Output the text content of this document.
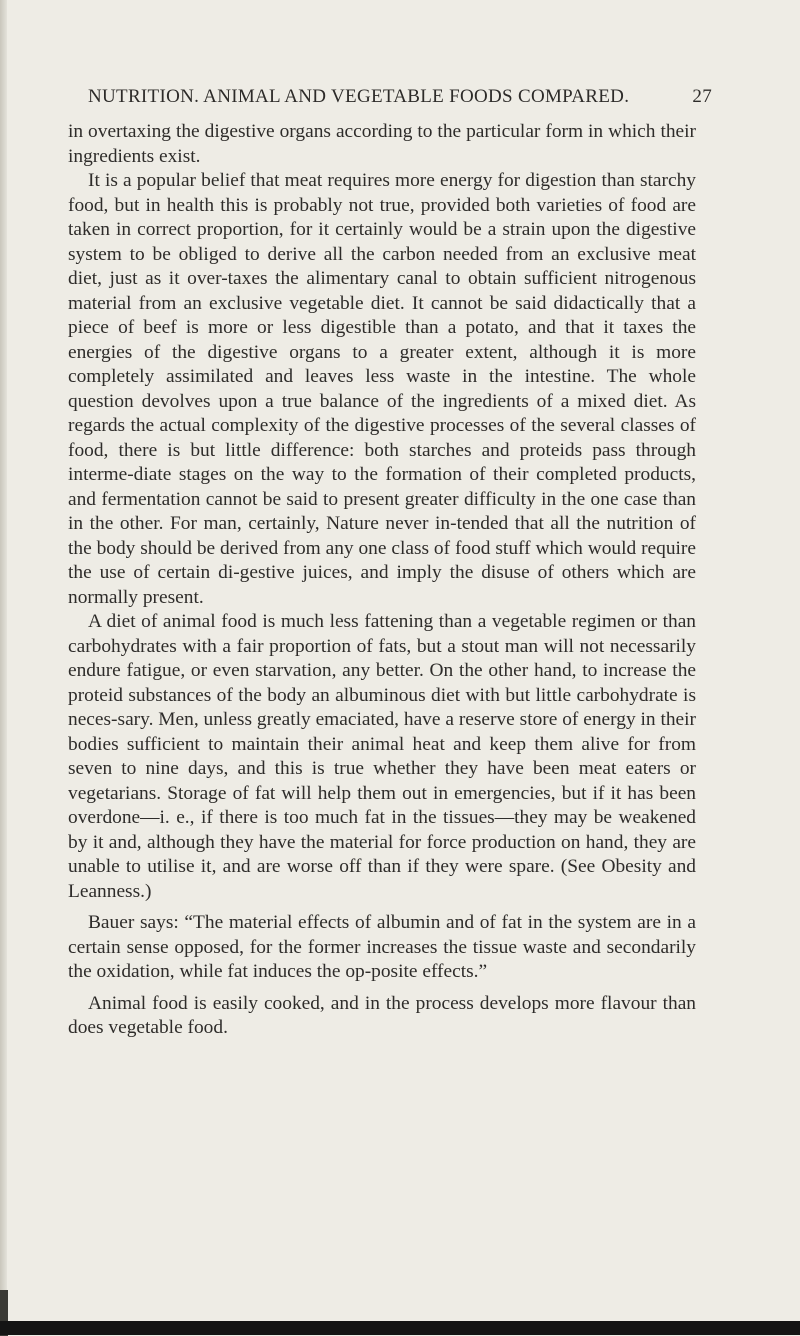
NUTRITION. ANIMAL AND VEGETABLE FOODS COMPARED.	27

in overtaxing the digestive organs according to the particular form in which their ingredients exist.

It is a popular belief that meat requires more energy for digestion than starchy food, but in health this is probably not true, provided both varieties of food are taken in correct proportion, for it certainly would be a strain upon the digestive system to be obliged to derive all the carbon needed from an exclusive meat diet, just as it over-taxes the alimentary canal to obtain sufficient nitrogenous material from an exclusive vegetable diet. It cannot be said didactically that a piece of beef is more or less digestible than a potato, and that it taxes the energies of the digestive organs to a greater extent, although it is more completely assimilated and leaves less waste in the intestine. The whole question devolves upon a true balance of the ingredients of a mixed diet. As regards the actual complexity of the digestive processes of the several classes of food, there is but little difference: both starches and proteids pass through interme-diate stages on the way to the formation of their completed products, and fermentation cannot be said to present greater difficulty in the one case than in the other. For man, certainly, Nature never in-tended that all the nutrition of the body should be derived from any one class of food stuff which would require the use of certain di-gestive juices, and imply the disuse of others which are normally present.

A diet of animal food is much less fattening than a vegetable regimen or than carbohydrates with a fair proportion of fats, but a stout man will not necessarily endure fatigue, or even starvation, any better. On the other hand, to increase the proteid substances of the body an albuminous diet with but little carbohydrate is neces-sary. Men, unless greatly emaciated, have a reserve store of energy in their bodies sufficient to maintain their animal heat and keep them alive for from seven to nine days, and this is true whether they have been meat eaters or vegetarians. Storage of fat will help them out in emergencies, but if it has been overdone—i. e., if there is too much fat in the tissues—they may be weakened by it and, although they have the material for force production on hand, they are unable to utilise it, and are worse off than if they were spare. (See Obesity and Leanness.)

Bauer says: “The material effects of albumin and of fat in the system are in a certain sense opposed, for the former increases the tissue waste and secondarily the oxidation, while fat induces the op-posite effects.”

Animal food is easily cooked, and in the process develops more flavour than does vegetable food.
